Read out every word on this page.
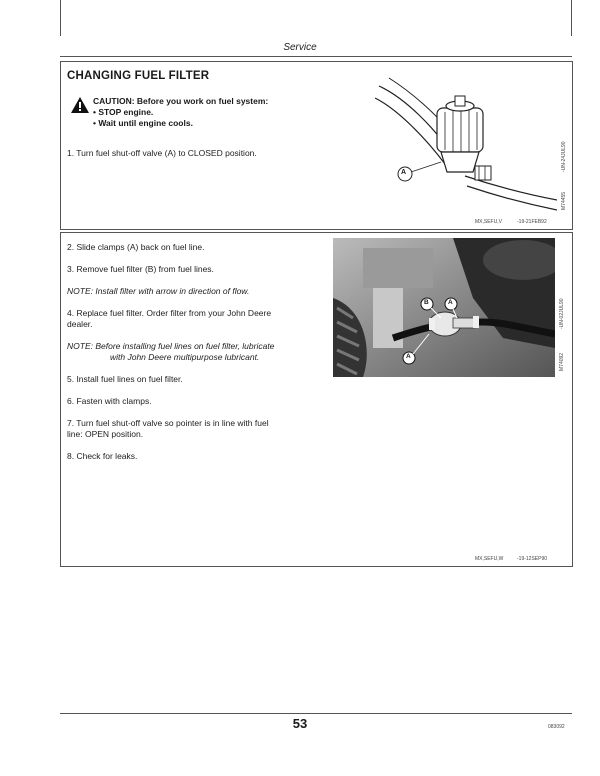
Service
CHANGING FUEL FILTER
CAUTION: Before you work on fuel system:
• STOP engine.
• Wait until engine cools.
1. Turn fuel shut-off valve (A) to CLOSED position.
A
-UN-24JUL90
M74455
MX,SEFU,V	-19-21FEB92
2. Slide clamps (A) back on fuel line.
3. Remove fuel filter (B) from fuel lines.
NOTE: Install filter with arrow in direction of flow.
4. Replace fuel filter. Order filter from your John Deere
dealer.
NOTE: Before installing fuel lines on fuel filter, lubricate
with John Deere multipurpose lubricant.
5. Install fuel lines on fuel filter.
6. Fasten with clamps.
7. Turn fuel shut-off valve so pointer is in line with fuel
line: OPEN position.
8. Check for leaks.
B	A
A
-UN-02JUL90
M74092
MX,SEFU,W	-19-12SEP90
53	083092
